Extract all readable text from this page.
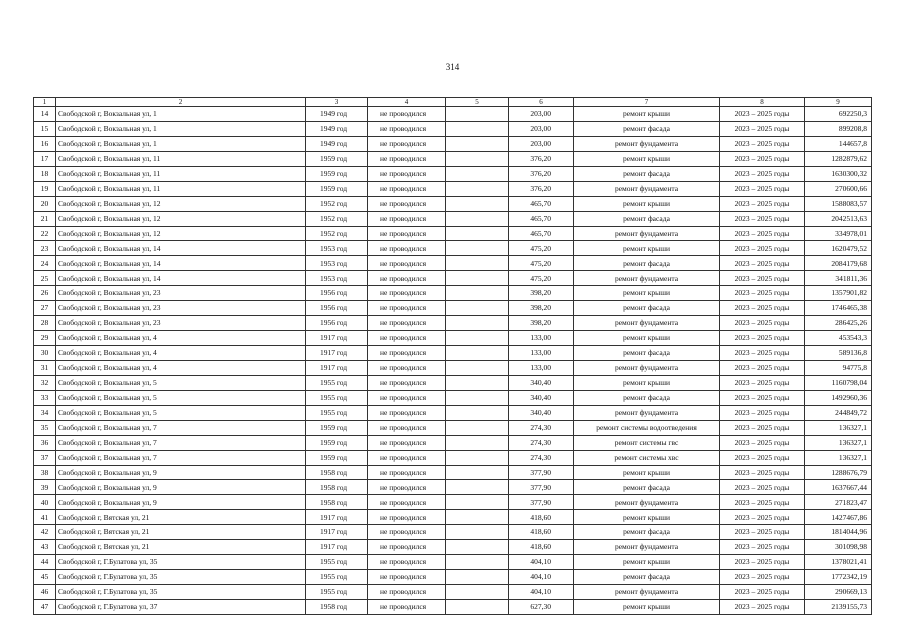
314
1	2	3	4	5	6	7	8	9
14	Свободской г, Вокзальная ул, 1	1949 год	не проводился		203,00	ремонт крыши	2023 – 2025 годы	692250,3
15	Свободской г, Вокзальная ул, 1	1949 год	не проводился		203,00	ремонт фасада	2023 – 2025 годы	899208,8
16	Свободской г, Вокзальная ул, 1	1949 год	не проводился		203,00	ремонт фундамента	2023 – 2025 годы	144657,8
17	Свободской г, Вокзальная ул, 11	1959 год	не проводился		376,20	ремонт крыши	2023 – 2025 годы	1282879,62
18	Свободской г, Вокзальная ул, 11	1959 год	не проводился		376,20	ремонт фасада	2023 – 2025 годы	1630300,32
19	Свободской г, Вокзальная ул, 11	1959 год	не проводился		376,20	ремонт фундамента	2023 – 2025 годы	270600,66
20	Свободской г, Вокзальная ул, 12	1952 год	не проводился		465,70	ремонт крыши	2023 – 2025 годы	1588083,57
21	Свободской г, Вокзальная ул, 12	1952 год	не проводился		465,70	ремонт фасада	2023 – 2025 годы	2042513,63
22	Свободской г, Вокзальная ул, 12	1952 год	не проводился		465,70	ремонт фундамента	2023 – 2025 годы	334978,01
23	Свободской г, Вокзальная ул, 14	1953 год	не проводился		475,20	ремонт крыши	2023 – 2025 годы	1620479,52
24	Свободской г, Вокзальная ул, 14	1953 год	не проводился		475,20	ремонт фасада	2023 – 2025 годы	2084179,68
25	Свободской г, Вокзальная ул, 14	1953 год	не проводился		475,20	ремонт фундамента	2023 – 2025 годы	341811,36
26	Свободской г, Вокзальная ул, 23	1956 год	не проводился		398,20	ремонт крыши	2023 – 2025 годы	1357901,82
27	Свободской г, Вокзальная ул, 23	1956 год	не проводился		398,20	ремонт фасада	2023 – 2025 годы	1746465,38
28	Свободской г, Вокзальная ул, 23	1956 год	не проводился		398,20	ремонт фундамента	2023 – 2025 годы	286425,26
29	Свободской г, Вокзальная ул, 4	1917 год	не проводился		133,00	ремонт крыши	2023 – 2025 годы	453543,3
30	Свободской г, Вокзальная ул, 4	1917 год	не проводился		133,00	ремонт фасада	2023 – 2025 годы	589136,8
31	Свободской г, Вокзальная ул, 4	1917 год	не проводился		133,00	ремонт фундамента	2023 – 2025 годы	94775,8
32	Свободской г, Вокзальная ул, 5	1955 год	не проводился		340,40	ремонт крыши	2023 – 2025 годы	1160798,04
33	Свободской г, Вокзальная ул, 5	1955 год	не проводился		340,40	ремонт фасада	2023 – 2025 годы	1492960,36
34	Свободской г, Вокзальная ул, 5	1955 год	не проводился		340,40	ремонт фундамента	2023 – 2025 годы	244849,72
35	Свободской г, Вокзальная ул, 7	1959 год	не проводился		274,30	ремонт системы водоотведения	2023 – 2025 годы	136327,1
36	Свободской г, Вокзальная ул, 7	1959 год	не проводился		274,30	ремонт системы гвс	2023 – 2025 годы	136327,1
37	Свободской г, Вокзальная ул, 7	1959 год	не проводился		274,30	ремонт системы хвс	2023 – 2025 годы	136327,1
38	Свободской г, Вокзальная ул, 9	1958 год	не проводился		377,90	ремонт крыши	2023 – 2025 годы	1288676,79
39	Свободской г, Вокзальная ул, 9	1958 год	не проводился		377,90	ремонт фасада	2023 – 2025 годы	1637667,44
40	Свободской г, Вокзальная ул, 9	1958 год	не проводился		377,90	ремонт фундамента	2023 – 2025 годы	271823,47
41	Свободской г, Вятская ул, 21	1917 год	не проводился		418,60	ремонт крыши	2023 – 2025 годы	1427467,86
42	Свободской г, Вятская ул, 21	1917 год	не проводился		418,60	ремонт фасада	2023 – 2025 годы	1814044,96
43	Свободской г, Вятская ул, 21	1917 год	не проводился		418,60	ремонт фундамента	2023 – 2025 годы	301098,98
44	Свободской г, Г.Булатова ул, 35	1955 год	не проводился		404,10	ремонт крыши	2023 – 2025 годы	1378021,41
45	Свободской г, Г.Булатова ул, 35	1955 год	не проводился		404,10	ремонт фасада	2023 – 2025 годы	1772342,19
46	Свободской г, Г.Булатова ул, 35	1955 год	не проводился		404,10	ремонт фундамента	2023 – 2025 годы	290669,13
47	Свободской г, Г.Булатова ул, 37	1958 год	не проводился		627,30	ремонт крыши	2023 – 2025 годы	2139155,73
